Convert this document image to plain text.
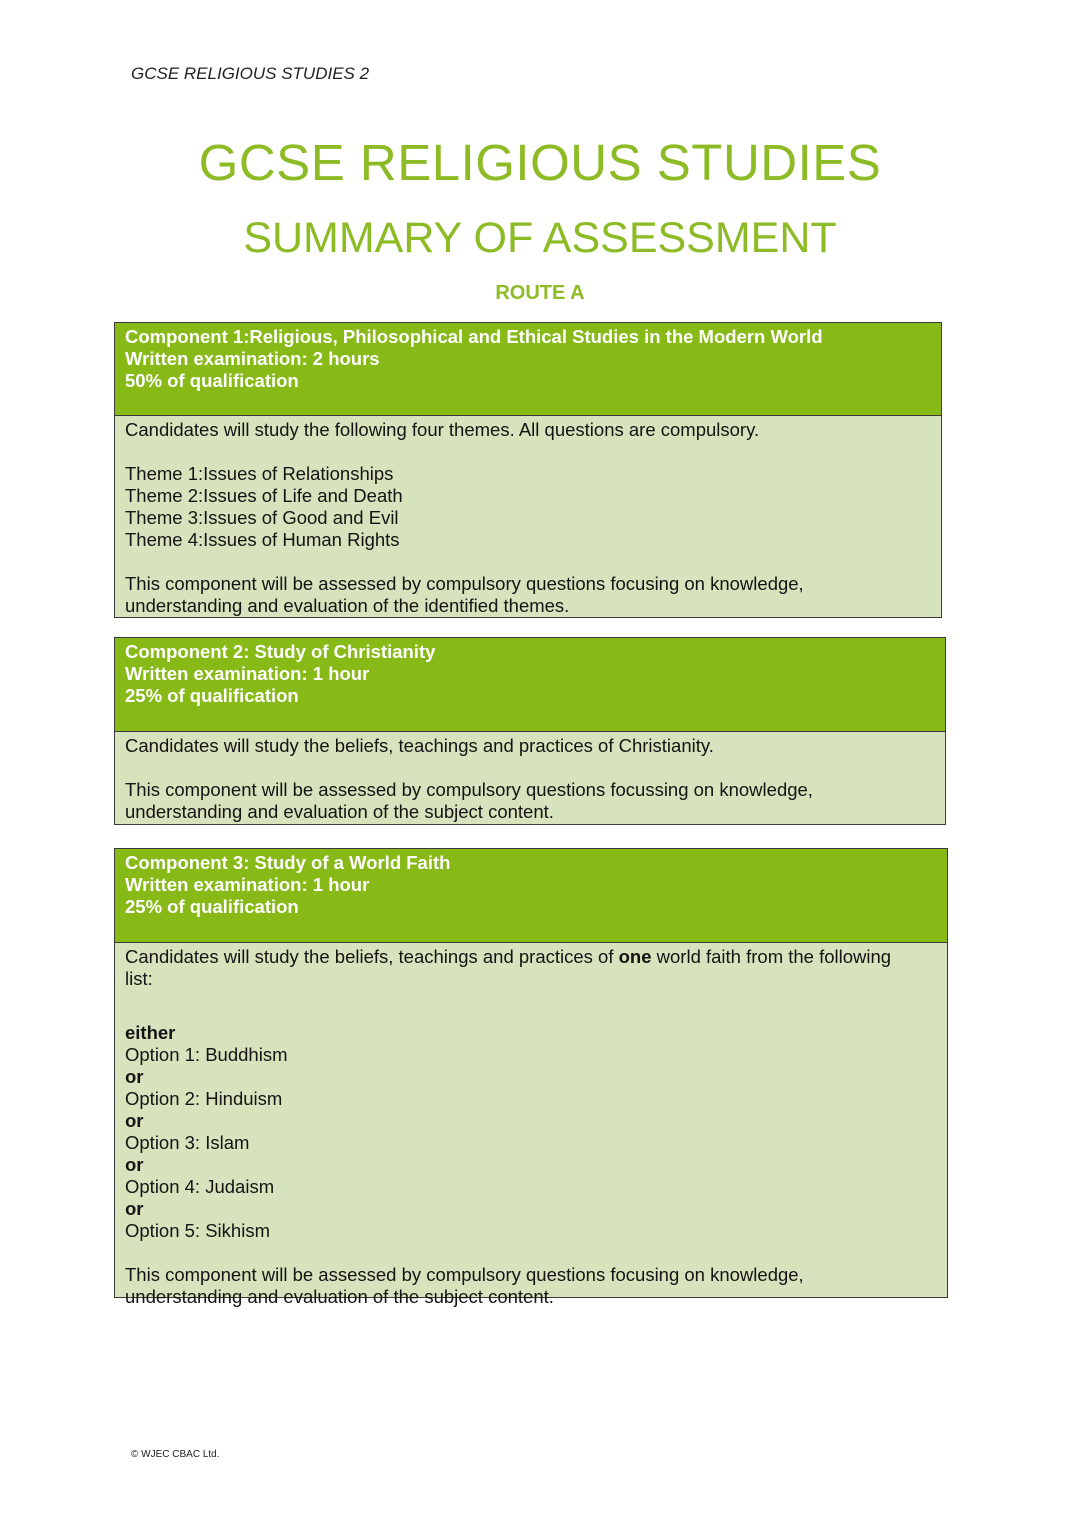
GCSE RELIGIOUS STUDIES 2
GCSE RELIGIOUS STUDIES
SUMMARY OF ASSESSMENT
ROUTE A
Component 1:Religious, Philosophical and Ethical Studies in the Modern World
Written examination: 2 hours
50% of qualification

Candidates will study the following four themes. All questions are compulsory.

Theme 1:Issues of Relationships

Theme 2:Issues of Life and Death

Theme 3:Issues of Good and Evil

Theme 4:Issues of Human Rights

This component will be assessed by compulsory questions focusing on knowledge,

understanding and evaluation of the identified themes.

Component 2: Study of Christianity
Written examination: 1 hour
25% of qualification

Candidates will study the beliefs, teachings and practices of Christianity.

This component will be assessed by compulsory questions focussing on knowledge,

understanding and evaluation of the subject content.

Component 3: Study of a World Faith
Written examination: 1 hour
25% of qualification

Candidates will study the beliefs, teachings and practices of one world faith from the following

list:

either

Option 1: Buddhism

or

Option 2: Hinduism

or

Option 3: Islam

or

Option 4: Judaism

or

Option 5: Sikhism

This component will be assessed by compulsory questions focusing on knowledge,

understanding and evaluation of the subject content.

© WJEC CBAC Ltd.
